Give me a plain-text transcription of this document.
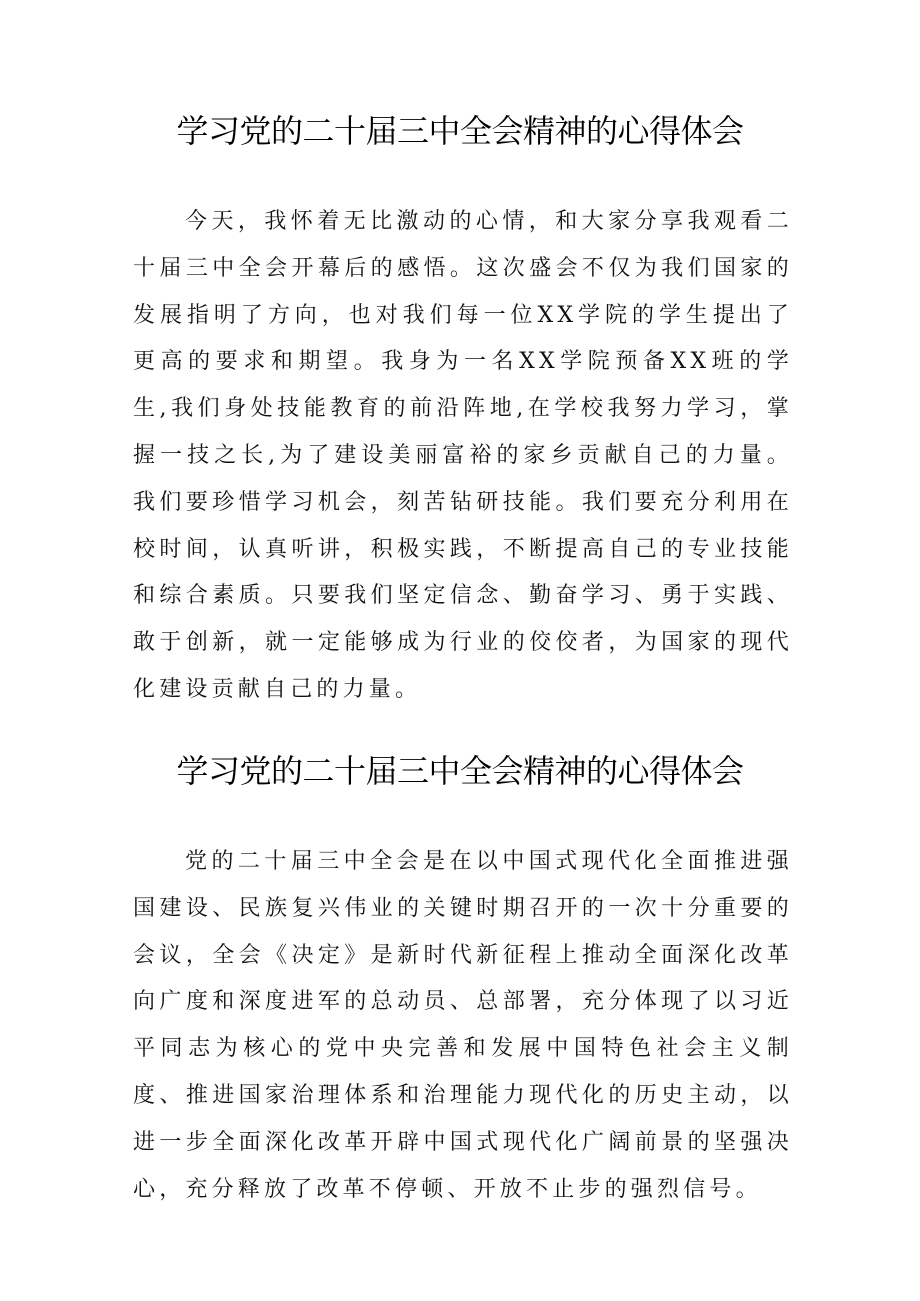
学习党的二十届三中全会精神的心得体会

今天，我怀着无比激动的心情，和大家分享我观看二十届三中全会开幕后的感悟。这次盛会不仅为我们国家的发展指明了方向，也对我们每一位XX学院的学生提出了更高的要求和期望。我身为一名XX学院预备XX班的学生,我们身处技能教育的前沿阵地,在学校我努力学习，掌握一技之长,为了建设美丽富裕的家乡贡献自己的力量。我们要珍惜学习机会，刻苦钻研技能。我们要充分利用在校时间，认真听讲，积极实践，不断提高自己的专业技能和综合素质。只要我们坚定信念、勤奋学习、勇于实践、敢于创新，就一定能够成为行业的佼佼者，为国家的现代化建设贡献自己的力量。

学习党的二十届三中全会精神的心得体会

党的二十届三中全会是在以中国式现代化全面推进强国建设、民族复兴伟业的关键时期召开的一次十分重要的会议，全会《决定》是新时代新征程上推动全面深化改革向广度和深度进军的总动员、总部署，充分体现了以习近平同志为核心的党中央完善和发展中国特色社会主义制度、推进国家治理体系和治理能力现代化的历史主动，以进一步全面深化改革开辟中国式现代化广阔前景的坚强决心，充分释放了改革不停顿、开放不止步的强烈信号。
